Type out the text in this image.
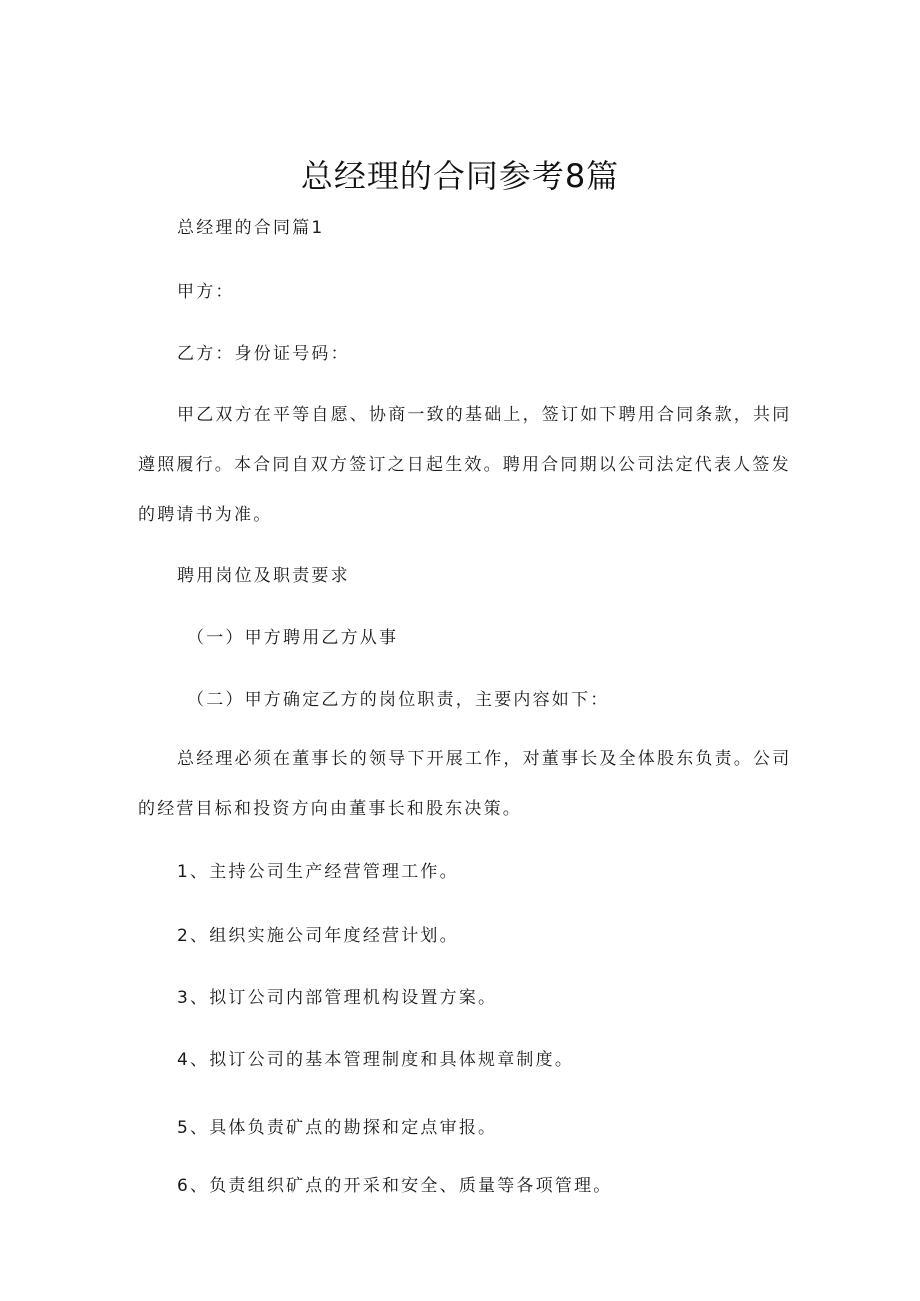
总经理的合同参考8篇

总经理的合同篇1

甲方：

乙方：身份证号码：

甲乙双方在平等自愿、协商一致的基础上，签订如下聘用合同条款，共同遵照履行。本合同自双方签订之日起生效。聘用合同期以公司法定代表人签发的聘请书为准。

聘用岗位及职责要求

（一）甲方聘用乙方从事

（二）甲方确定乙方的岗位职责，主要内容如下：

总经理必须在董事长的领导下开展工作，对董事长及全体股东负责。公司的经营目标和投资方向由董事长和股东决策。

1、主持公司生产经营管理工作。

2、组织实施公司年度经营计划。

3、拟订公司内部管理机构设置方案。

4、拟订公司的基本管理制度和具体规章制度。

5、具体负责矿点的勘探和定点审报。

6、负责组织矿点的开采和安全、质量等各项管理。
